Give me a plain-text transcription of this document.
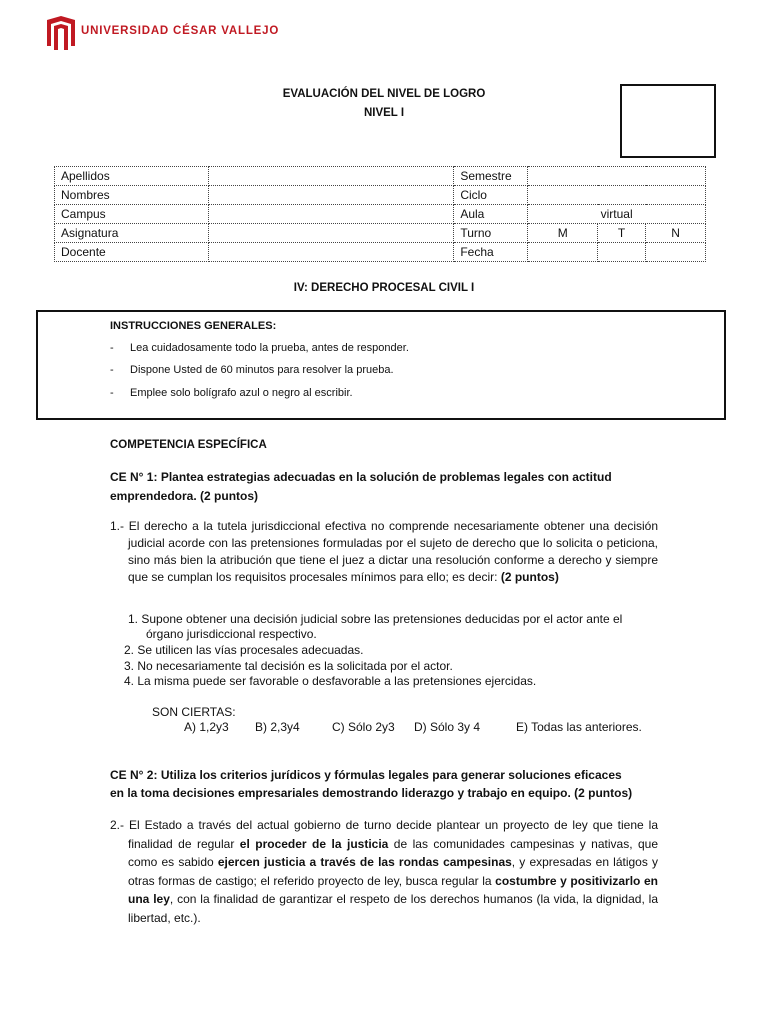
UNIVERSIDAD CÉSAR VALLEJO
EVALUACIÓN DEL NIVEL DE LOGRO
NIVEL I
Apellidos		Semestre			
Nombres		Ciclo			
Campus		Aula	virtual		
Asignatura		Turno	M	T	N
Docente		Fecha			
IV: DERECHO PROCESAL CIVIL I
INSTRUCCIONES GENERALES:
- Lea cuidadosamente todo la prueba, antes de responder.
- Dispone Usted de 60 minutos para resolver la prueba.
- Emplee solo bolígrafo azul o negro al escribir.
COMPETENCIA ESPECÍFICA
CE N° 1: Plantea estrategias adecuadas en la solución de problemas legales con actitud emprendedora. (2 puntos)
1.- El derecho a la tutela jurisdiccional efectiva no comprende necesariamente obtener una decisión judicial acorde con las pretensiones formuladas por el sujeto de derecho que lo solicita o peticiona, sino más bien la atribución que tiene el juez a dictar una resolución conforme a derecho y siempre que se cumplan los requisitos procesales mínimos para ello; es decir: (2 puntos)
1. Supone obtener una decisión judicial sobre las pretensiones deducidas por el actor ante el
órgano jurisdiccional respectivo.
2. Se utilicen las vías procesales adecuadas.
3. No necesariamente tal decisión es la solicitada por el actor.
4. La misma puede ser favorable o desfavorable a las pretensiones ejercidas.
SON CIERTAS:
A) 1,2y3 B) 2,3y4	C) Sólo 2y3 D) Sólo 3y 4	E) Todas las anteriores.
CE N° 2: Utiliza los criterios jurídicos y fórmulas legales para generar soluciones eficaces en la toma decisiones empresariales demostrando liderazgo y trabajo en equipo. (2 puntos)
2.- El Estado a través del actual gobierno de turno decide plantear un proyecto de ley que tiene la finalidad de regular el proceder de la justicia de las comunidades campesinas y nativas, que como es sabido ejercen justicia a través de las rondas campesinas, y expresadas en látigos y otras formas de castigo; el referido proyecto de ley, busca regular la costumbre y positivizarlo en una ley, con la finalidad de garantizar el respeto de los derechos humanos (la vida, la dignidad, la libertad, etc.).
